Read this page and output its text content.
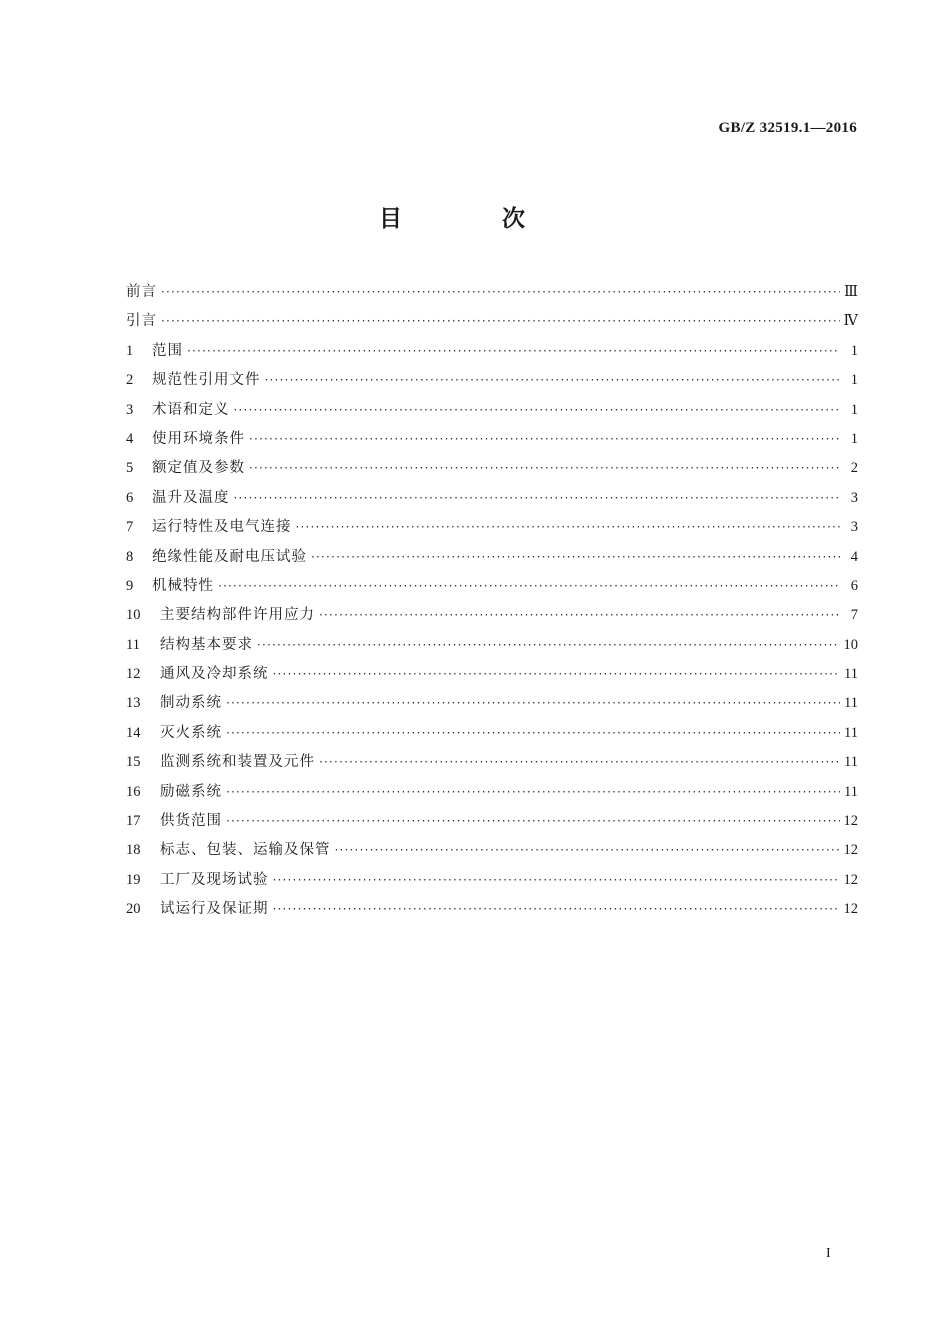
GB/Z 32519.1—2016
目 次
前言 ·····	Ⅲ
引言 ·····	Ⅳ
1	范围 ·····	1
2	规范性引用文件 ·····	1
3	术语和定义 ·····	1
4	使用环境条件 ·····	1
5	额定值及参数 ·····	2
6	温升及温度 ·····	3
7	运行特性及电气连接 ·····	3
8	绝缘性能及耐电压试验 ·····	4
9	机械特性 ·····	6
10	主要结构部件许用应力 ·····	7
11	结构基本要求 ·····	10
12	通风及冷却系统 ·····	11
13	制动系统 ·····	11
14	灭火系统 ·····	11
15	监测系统和装置及元件 ·····	11
16	励磁系统 ·····	11
17	供货范围 ·····	12
18	标志、包装、运输及保管 ·····	12
19	工厂及现场试验 ·····	12
20	试运行及保证期 ·····	12
I
